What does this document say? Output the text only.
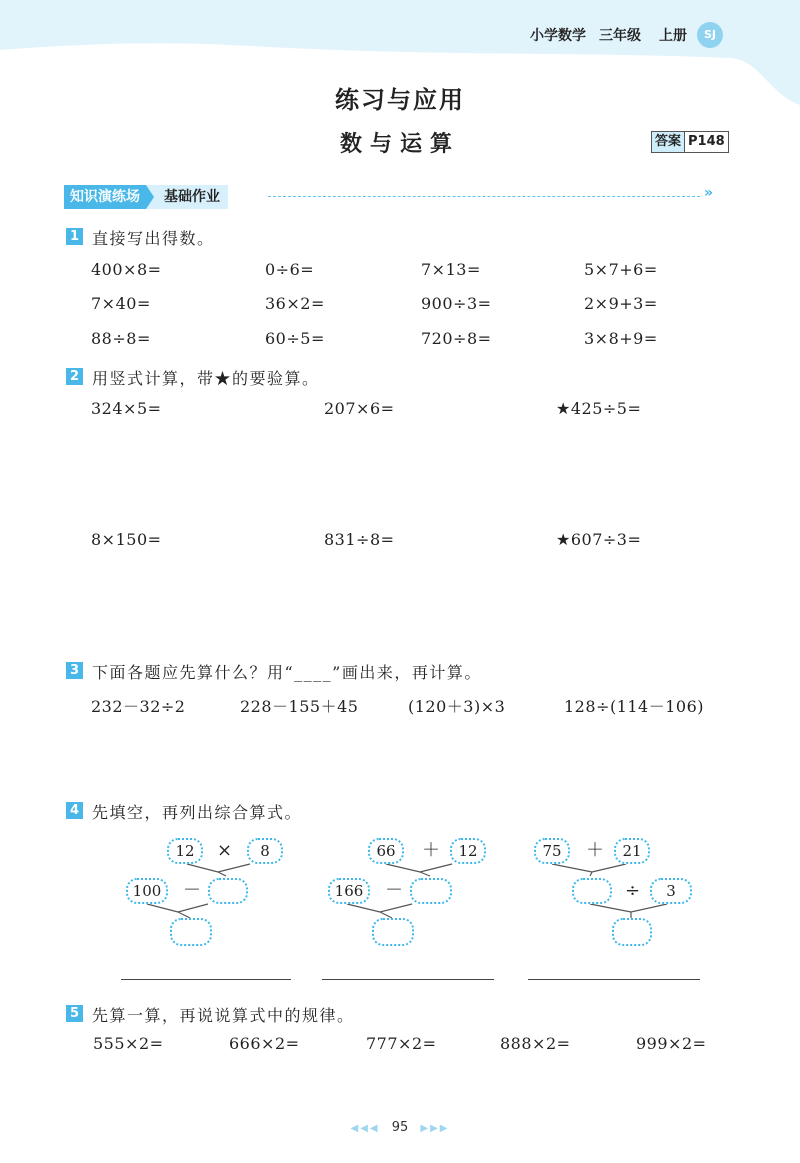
小学数学 三年级 上册	SJ
练习与应用
数与运算	答案 P148
知识演练场	基础作业	»
1 直接写出得数。
400×8=	0÷6=	7×13=	5×7+6=
7×40=	36×2=	900÷3=	2×9+3=
88÷8=	60÷5=	720÷8=	3×8+9=
2 用竖式计算，带★的要验算。
324×5=	207×6=	★425÷5=
8×150=	831÷8=	★607÷3=
3 下面各题应先算什么？用“____”画出来，再计算。
232－32÷2	228－155＋45	(120＋3)×3	128÷(114－106)
4 先填空，再列出综合算式。
12	×	8
100	－
66	＋	12
166	－
75	＋	21
÷	3
5 先算一算，再说说算式中的规律。
555×2=	666×2=	777×2=	888×2=	999×2=
◀◀◀ 95 ▶▶▶
